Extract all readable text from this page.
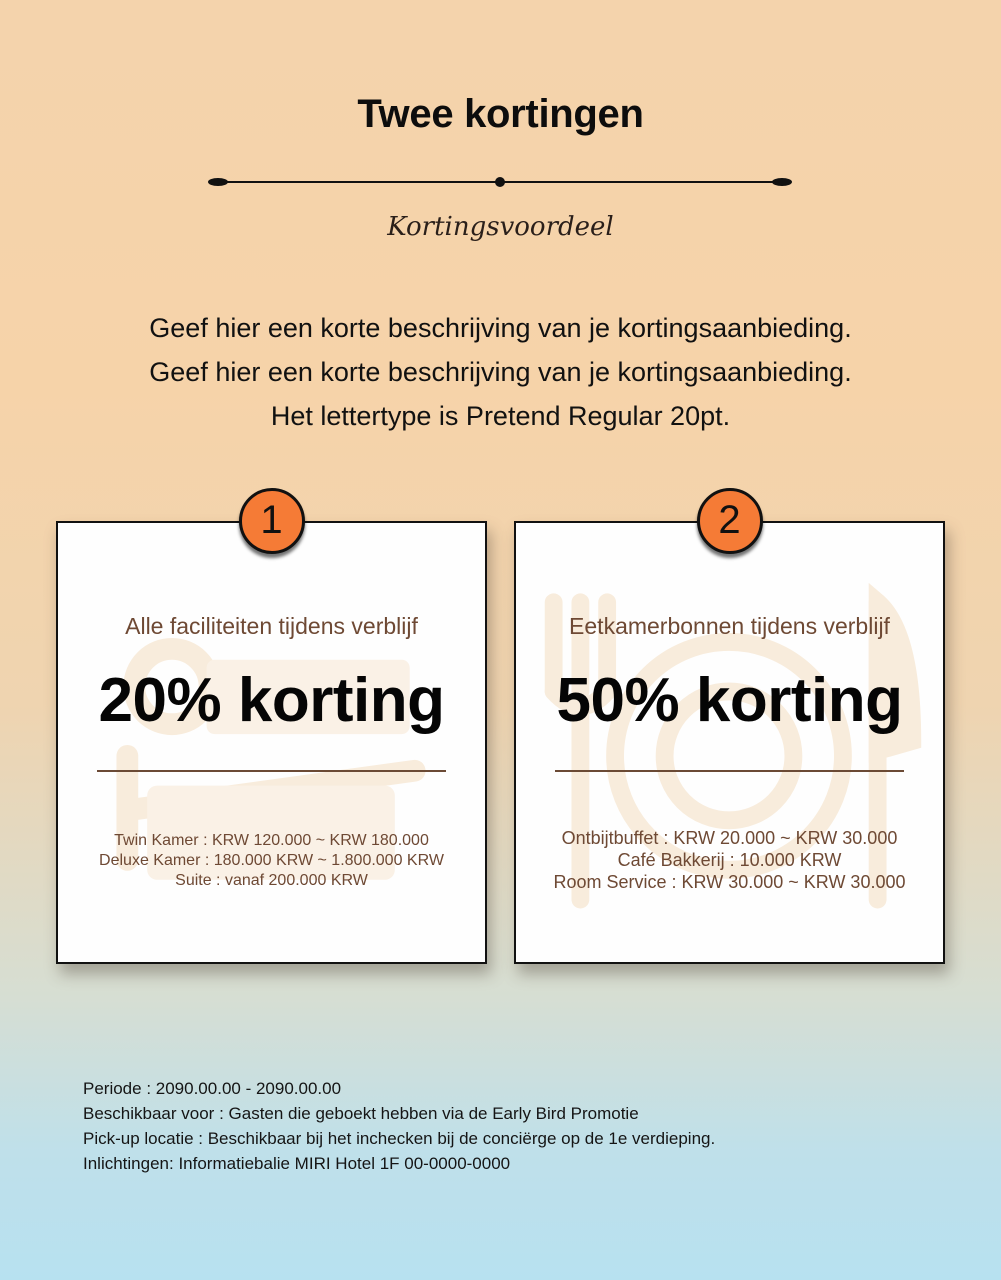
Twee kortingen
Kortingsvoordeel
Geef hier een korte beschrijving van je kortingsaanbieding.
Geef hier een korte beschrijving van je kortingsaanbieding.
Het lettertype is Pretend Regular 20pt.
1
Alle faciliteiten tijdens verblijf
20% korting
Twin Kamer : KRW 120.000 ~ KRW 180.000
Deluxe Kamer : 180.000 KRW ~ 1.800.000 KRW
Suite : vanaf 200.000 KRW
2
Eetkamerbonnen tijdens verblijf
50% korting
Ontbijtbuffet : KRW 20.000 ~ KRW 30.000
Café Bakkerij : 10.000 KRW
Room Service : KRW 30.000 ~ KRW 30.000
Periode : 2090.00.00 - 2090.00.00
Beschikbaar voor : Gasten die geboekt hebben via de Early Bird Promotie
Pick-up locatie : Beschikbaar bij het inchecken bij de conciërge op de 1e verdieping.
Inlichtingen: Informatiebalie MIRI Hotel 1F 00-0000-0000
